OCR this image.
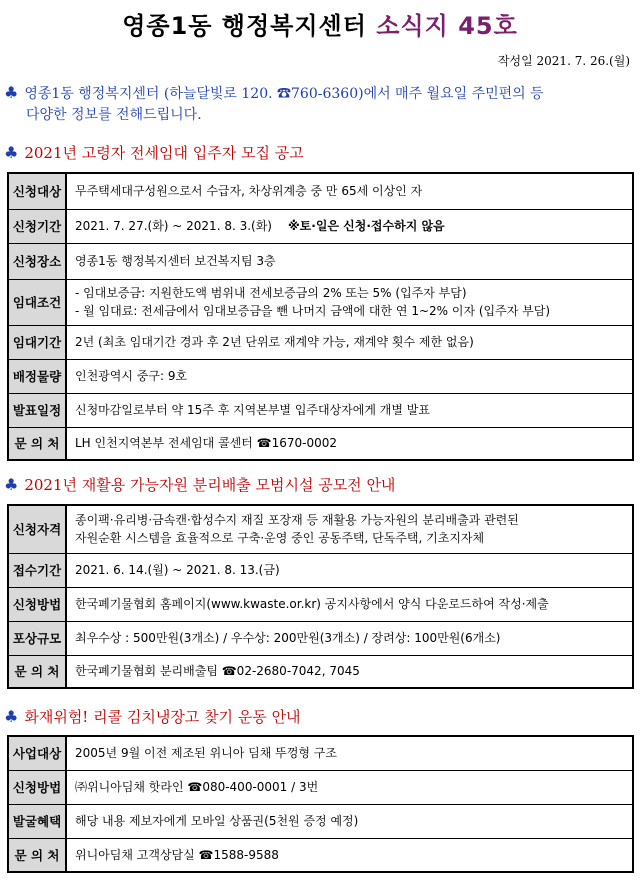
영종1동 행정복지센터 소식지 45호
작성일 2021. 7. 26.(월)
♣ 영종1동 행정복지센터 (하늘달빛로 120. ☎760-6360)에서 매주 월요일 주민편의 등
다양한 정보를 전해드립니다.
♣ 2021년 고령자 전세임대 입주자 모집 공고
신청대상	무주택세대구성원으로서 수급자, 차상위계층 중 만 65세 이상인 자

신청기간	2021. 7. 27.(화) ~ 2021. 8. 3.(화) ※토·일은 신청·접수하지 않음

신청장소	영종1동 행정복지센터 보건복지팀 3층

임대조건	- 임대보증금: 지원한도액 범위내 전세보증금의 2% 또는 5% (입주자 부담)
- 월 임대료: 전세금에서 임대보증금을 뺀 나머지 금액에 대한 연 1~2% 이자 (입주자 부담)

임대기간	2년 (최초 임대기간 경과 후 2년 단위로 재계약 가능, 재계약 횟수 제한 없음)

배정물량	인천광역시 중구: 9호

발표일정	신청마감일로부터 약 15주 후 지역본부별 입주대상자에게 개별 발표

문 의 처	LH 인천지역본부 전세임대 콜센터 ☎1670-0002
♣ 2021년 재활용 가능자원 분리배출 모범시설 공모전 안내
신청자격	종이팩·유리병·금속캔·합성수지 재질 포장재 등 재활용 가능자원의 분리배출과 관련된
자원순환 시스템을 효율적으로 구축·운영 중인 공동주택, 단독주택, 기초지자체

접수기간	2021. 6. 14.(월) ~ 2021. 8. 13.(금)

신청방법	한국폐기물협회 홈페이지(www.kwaste.or.kr) 공지사항에서 양식 다운로드하여 작성·제출

포상규모	최우수상 : 500만원(3개소) / 우수상: 200만원(3개소) / 장려상: 100만원(6개소)

문 의 처	한국폐기물협회 분리배출팀 ☎02-2680-7042, 7045
♣ 화재위험! 리콜 김치냉장고 찾기 운동 안내
사업대상	2005년 9월 이전 제조된 위니아 딤채 뚜껑형 구조

신청방법	㈜위니아딤채 핫라인 ☎080-400-0001 / 3번

발굴혜택	해당 내용 제보자에게 모바일 상품권(5천원 증정 예정)

문 의 처	위니아딤채 고객상담실 ☎1588-9588
